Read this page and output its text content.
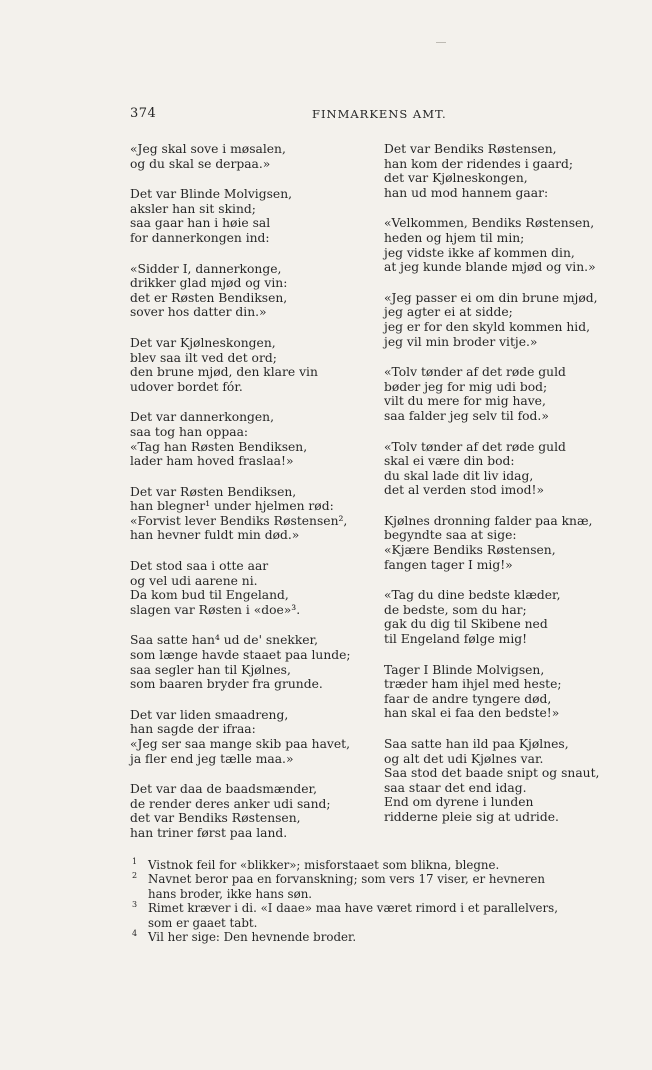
374	FINMARKENS AMT.
«Jeg skal sove i møsalen,
og du skal se derpaa.»
Det var Blinde Molvigsen,
aksler han sit skind;
saa gaar han i høie sal
for dannerkongen ind:
«Sidder I, dannerkonge,
drikker glad mjød og vin:
det er Røsten Bendiksen,
sover hos datter din.»
Det var Kjølneskongen,
blev saa ilt ved det ord;
den brune mjød, den klare vin
udover bordet fór.
Det var dannerkongen,
saa tog han oppaa:
«Tag han Røsten Bendiksen,
lader ham hoved fraslaa!»
Det var Røsten Bendiksen,
han blegner¹ under hjelmen rød:
«Forvist lever Bendiks Røstensen²,
han hevner fuldt min død.»
Det stod saa i otte aar
og vel udi aarene ni.
Da kom bud til Engeland,
slagen var Røsten i «doe»³.
Saa satte han⁴ ud de' snekker,
som længe havde staaet paa lunde;
saa segler han til Kjølnes,
som baaren bryder fra grunde.
Det var liden smaadreng,
han sagde der ifraa:
«Jeg ser saa mange skib paa havet,
ja fler end jeg tælle maa.»
Det var daa de baadsmænder,
de render deres anker udi sand;
det var Bendiks Røstensen,
han triner først paa land.
Det var Bendiks Røstensen,
han kom der ridendes i gaard;
det var Kjølneskongen,
han ud mod hannem gaar:
«Velkommen, Bendiks Røstensen,
heden og hjem til min;
jeg vidste ikke af kommen din,
at jeg kunde blande mjød og vin.»
«Jeg passer ei om din brune mjød,
jeg agter ei at sidde;
jeg er for den skyld kommen hid,
jeg vil min broder vitje.»
«Tolv tønder af det røde guld
bøder jeg for mig udi bod;
vilt du mere for mig have,
saa falder jeg selv til fod.»
«Tolv tønder af det røde guld
skal ei være din bod:
du skal lade dit liv idag,
det al verden stod imod!»
Kjølnes dronning falder paa knæ,
begyndte saa at sige:
«Kjære Bendiks Røstensen,
fangen tager I mig!»
«Tag du dine bedste klæder,
de bedste, som du har;
gak du dig til Skibene ned
til Engeland følge mig!
Tager I Blinde Molvigsen,
træder ham ihjel med heste;
faar de andre tyngere død,
han skal ei faa den bedste!»
Saa satte han ild paa Kjølnes,
og alt det udi Kjølnes var.
Saa stod det baade snipt og snaut,
saa staar det end idag.
End om dyrene i lunden
ridderne pleie sig at udride.
1 Vistnok feil for «blikker»; misforstaaet som blikna, blegne.
2 Navnet beror paa en forvanskning; som vers 17 viser, er hevneren
hans broder, ikke hans søn.
3 Rimet kræver i di. «I daae» maa have været rimord i et parallelvers,
som er gaaet tabt.
4 Vil her sige: Den hevnende broder.
